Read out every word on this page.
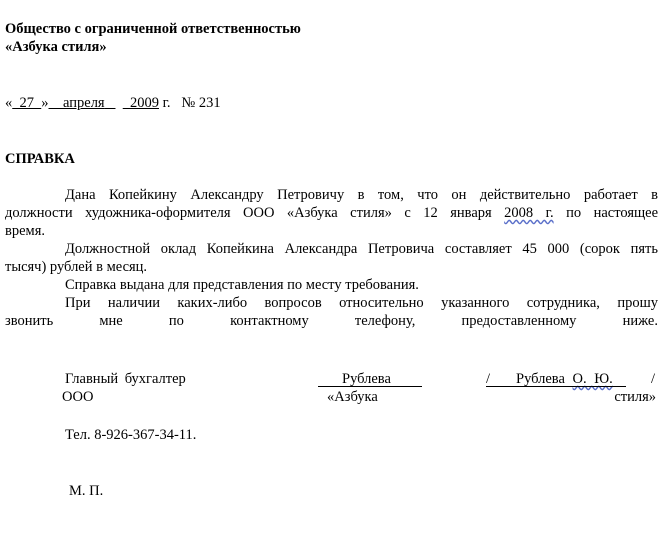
Общество с ограниченной ответственностью
«Азбука стиля»
« 27 » апреля 2009 г. № 231
СПРАВКА
Дана Копейкину Александру Петровичу в том, что он действительно работает в
должности художника-оформителя ООО «Азбука стиля» с 12 января 2008 г. по настоящее
время.
Должностной оклад Копейкина Александра Петровича составляет 45 000 (сорок пять
тысяч) рублей в месяц.
Справка выдана для представления по месту требования.
При наличии каких-либо вопросов относительно указанного сотрудника, прошу
звонить мне по контактному телефону, предоставленному ниже.
Главный бухгалтер
ООО
Рублева
«Азбука	стиля»
/ Рублева О. Ю.	/
Тел. 8-926-367-34-11.
М. П.
